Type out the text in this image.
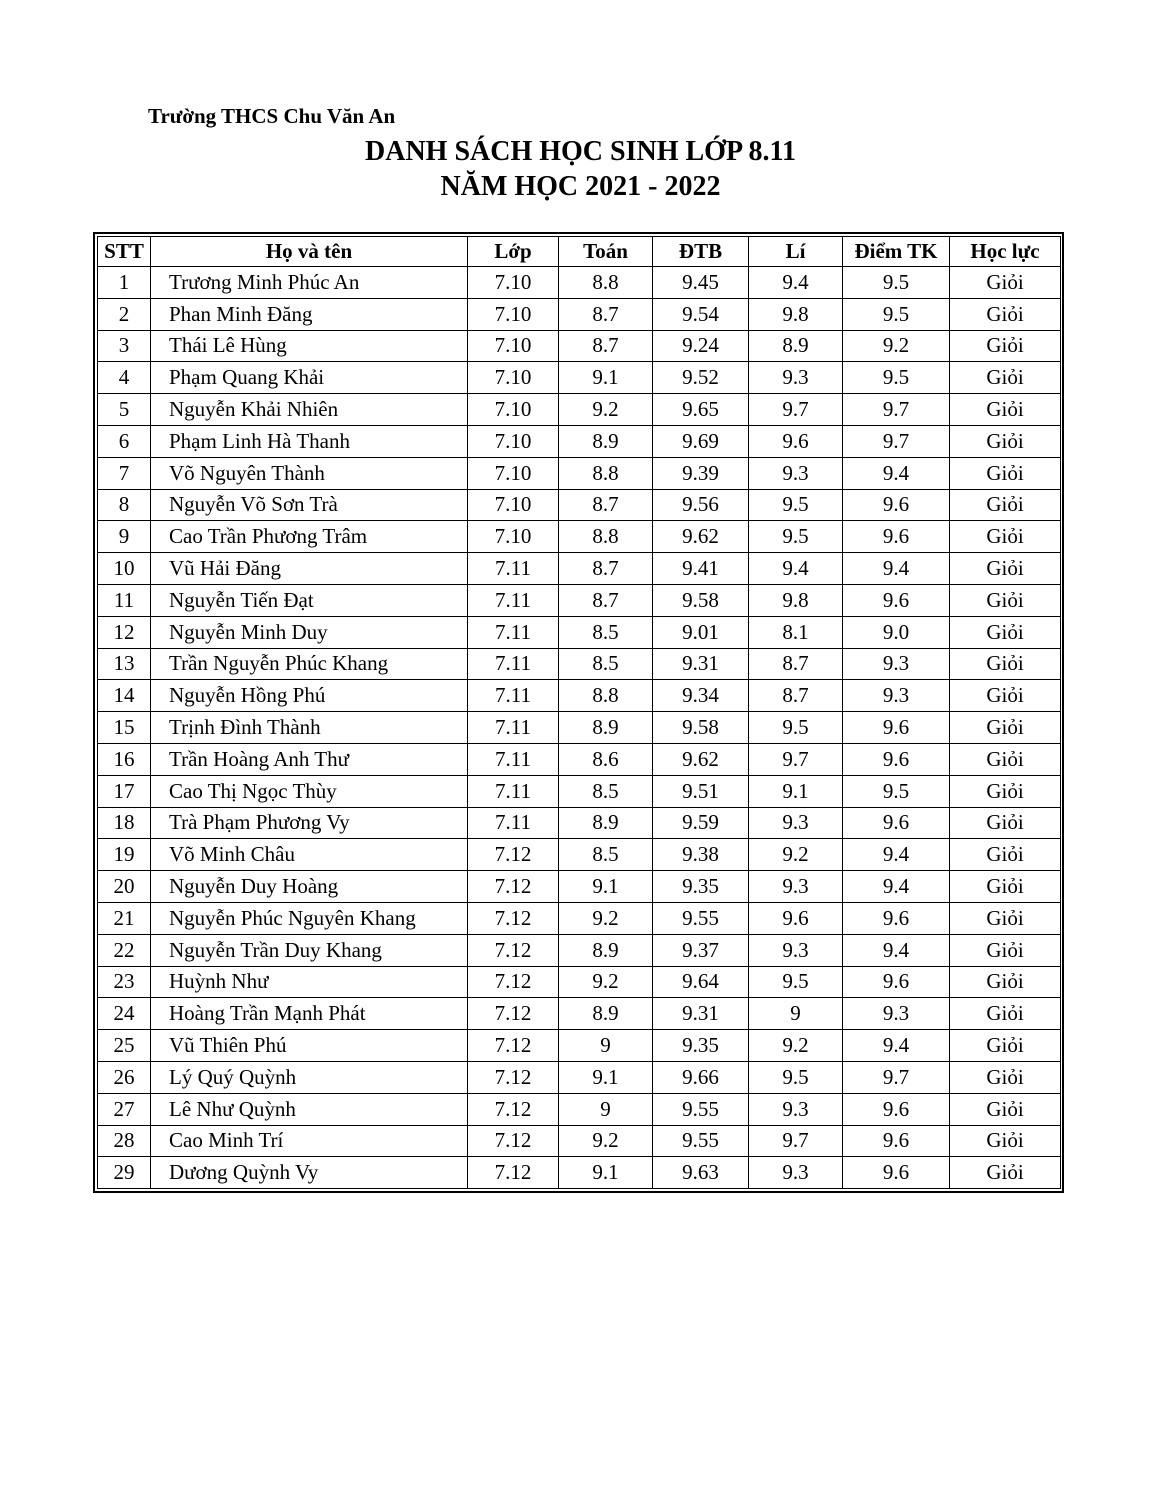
Trường THCS Chu Văn An
DANH SÁCH HỌC SINH LỚP 8.11
NĂM HỌC 2021 - 2022
STT	Họ và tên	Lớp	Toán	ĐTB	Lí	Điểm TK	Học lực
1	Trương Minh Phúc An	7.10	8.8	9.45	9.4	9.5	Giỏi
2	Phan Minh Đăng	7.10	8.7	9.54	9.8	9.5	Giỏi
3	Thái Lê Hùng	7.10	8.7	9.24	8.9	9.2	Giỏi
4	Phạm Quang Khải	7.10	9.1	9.52	9.3	9.5	Giỏi
5	Nguyễn Khải Nhiên	7.10	9.2	9.65	9.7	9.7	Giỏi
6	Phạm Linh Hà Thanh	7.10	8.9	9.69	9.6	9.7	Giỏi
7	Võ Nguyên Thành	7.10	8.8	9.39	9.3	9.4	Giỏi
8	Nguyễn Võ Sơn Trà	7.10	8.7	9.56	9.5	9.6	Giỏi
9	Cao Trần Phương Trâm	7.10	8.8	9.62	9.5	9.6	Giỏi
10	Vũ Hải Đăng	7.11	8.7	9.41	9.4	9.4	Giỏi
11	Nguyễn Tiến Đạt	7.11	8.7	9.58	9.8	9.6	Giỏi
12	Nguyễn Minh Duy	7.11	8.5	9.01	8.1	9.0	Giỏi
13	Trần Nguyễn Phúc Khang	7.11	8.5	9.31	8.7	9.3	Giỏi
14	Nguyễn Hồng Phú	7.11	8.8	9.34	8.7	9.3	Giỏi
15	Trịnh Đình Thành	7.11	8.9	9.58	9.5	9.6	Giỏi
16	Trần Hoàng Anh Thư	7.11	8.6	9.62	9.7	9.6	Giỏi
17	Cao Thị Ngọc Thùy	7.11	8.5	9.51	9.1	9.5	Giỏi
18	Trà Phạm Phương Vy	7.11	8.9	9.59	9.3	9.6	Giỏi
19	Võ Minh Châu	7.12	8.5	9.38	9.2	9.4	Giỏi
20	Nguyễn Duy Hoàng	7.12	9.1	9.35	9.3	9.4	Giỏi
21	Nguyễn Phúc Nguyên Khang	7.12	9.2	9.55	9.6	9.6	Giỏi
22	Nguyễn Trần Duy Khang	7.12	8.9	9.37	9.3	9.4	Giỏi
23	Huỳnh Như	7.12	9.2	9.64	9.5	9.6	Giỏi
24	Hoàng Trần Mạnh Phát	7.12	8.9	9.31	9	9.3	Giỏi
25	Vũ Thiên Phú	7.12	9	9.35	9.2	9.4	Giỏi
26	Lý Quý Quỳnh	7.12	9.1	9.66	9.5	9.7	Giỏi
27	Lê Như Quỳnh	7.12	9	9.55	9.3	9.6	Giỏi
28	Cao Minh Trí	7.12	9.2	9.55	9.7	9.6	Giỏi
29	Dương Quỳnh Vy	7.12	9.1	9.63	9.3	9.6	Giỏi
